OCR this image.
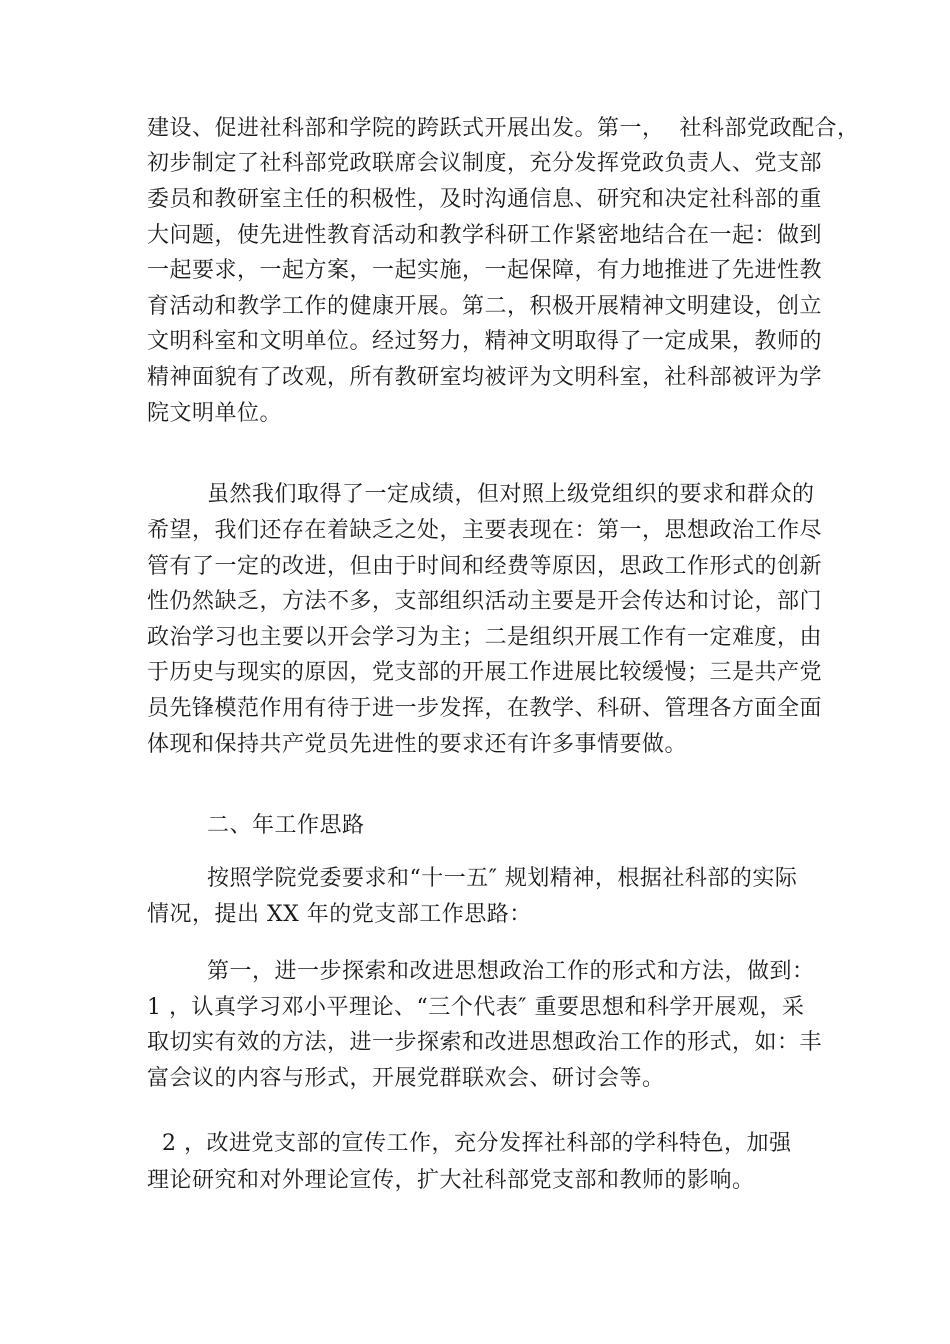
建设、促进社科部和学院的跨跃式开展出发。第一，  社科部党政配合，
初步制定了社科部党政联席会议制度，充分发挥党政负责人、党支部
委员和教研室主任的积极性，及时沟通信息、研究和决定社科部的重
大问题，使先进性教育活动和教学科研工作紧密地结合在一起：做到
一起要求，一起方案，一起实施，一起保障，有力地推进了先进性教
育活动和教学工作的健康开展。第二，积极开展精神文明建设，创立
文明科室和文明单位。经过努力，精神文明取得了一定成果，教师的
精神面貌有了改观，所有教研室均被评为文明科室，社科部被评为学
院文明单位。
虽然我们取得了一定成绩，但对照上级党组织的要求和群众的
希望，我们还存在着缺乏之处，主要表现在：第一，思想政治工作尽
管有了一定的改进，但由于时间和经费等原因，思政工作形式的创新
性仍然缺乏，方法不多，支部组织活动主要是开会传达和讨论，部门
政治学习也主要以开会学习为主；二是组织开展工作有一定难度，由
于历史与现实的原因，党支部的开展工作进展比较缓慢；三是共产党
员先锋模范作用有待于进一步发挥，在教学、科研、管理各方面全面
体现和保持共产党员先进性的要求还有许多事情要做。
二、年工作思路
按照学院党委要求和“十一五″ 规划精神，根据社科部的实际
情况，提出 XX 年的党支部工作思路：
第一，进一步探索和改进思想政治工作的形式和方法，做到：
1 ，认真学习邓小平理论、“三个代表″ 重要思想和科学开展观，采
取切实有效的方法，进一步探索和改进思想政治工作的形式，如：丰
富会议的内容与形式，开展党群联欢会、研讨会等。
2 ，改进党支部的宣传工作，充分发挥社科部的学科特色，加强
理论研究和对外理论宣传，扩大社科部党支部和教师的影响。
